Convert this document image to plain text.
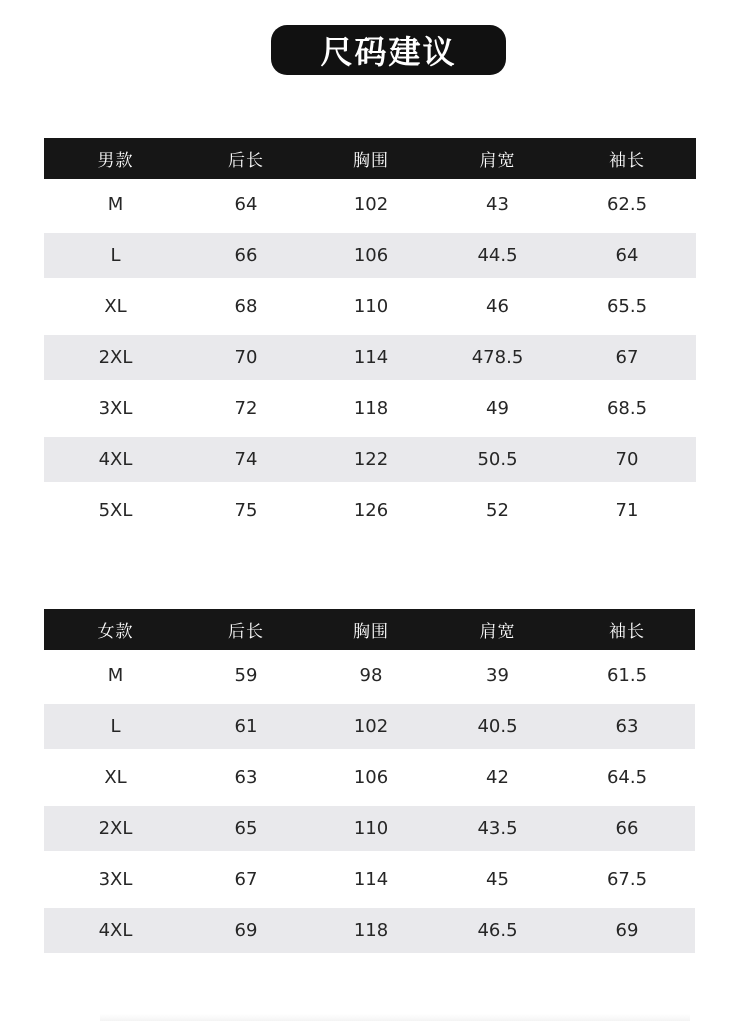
尺码建议
男款	后长	胸围	肩宽	袖长
M	64	102	43	62.5
L	66	106	44.5	64
XL	68	110	46	65.5
2XL	70	114	478.5	67
3XL	72	118	49	68.5
4XL	74	122	50.5	70
5XL	75	126	52	71
女款	后长	胸围	肩宽	袖长
M	59	98	39	61.5
L	61	102	40.5	63
XL	63	106	42	64.5
2XL	65	110	43.5	66
3XL	67	114	45	67.5
4XL	69	118	46.5	69
